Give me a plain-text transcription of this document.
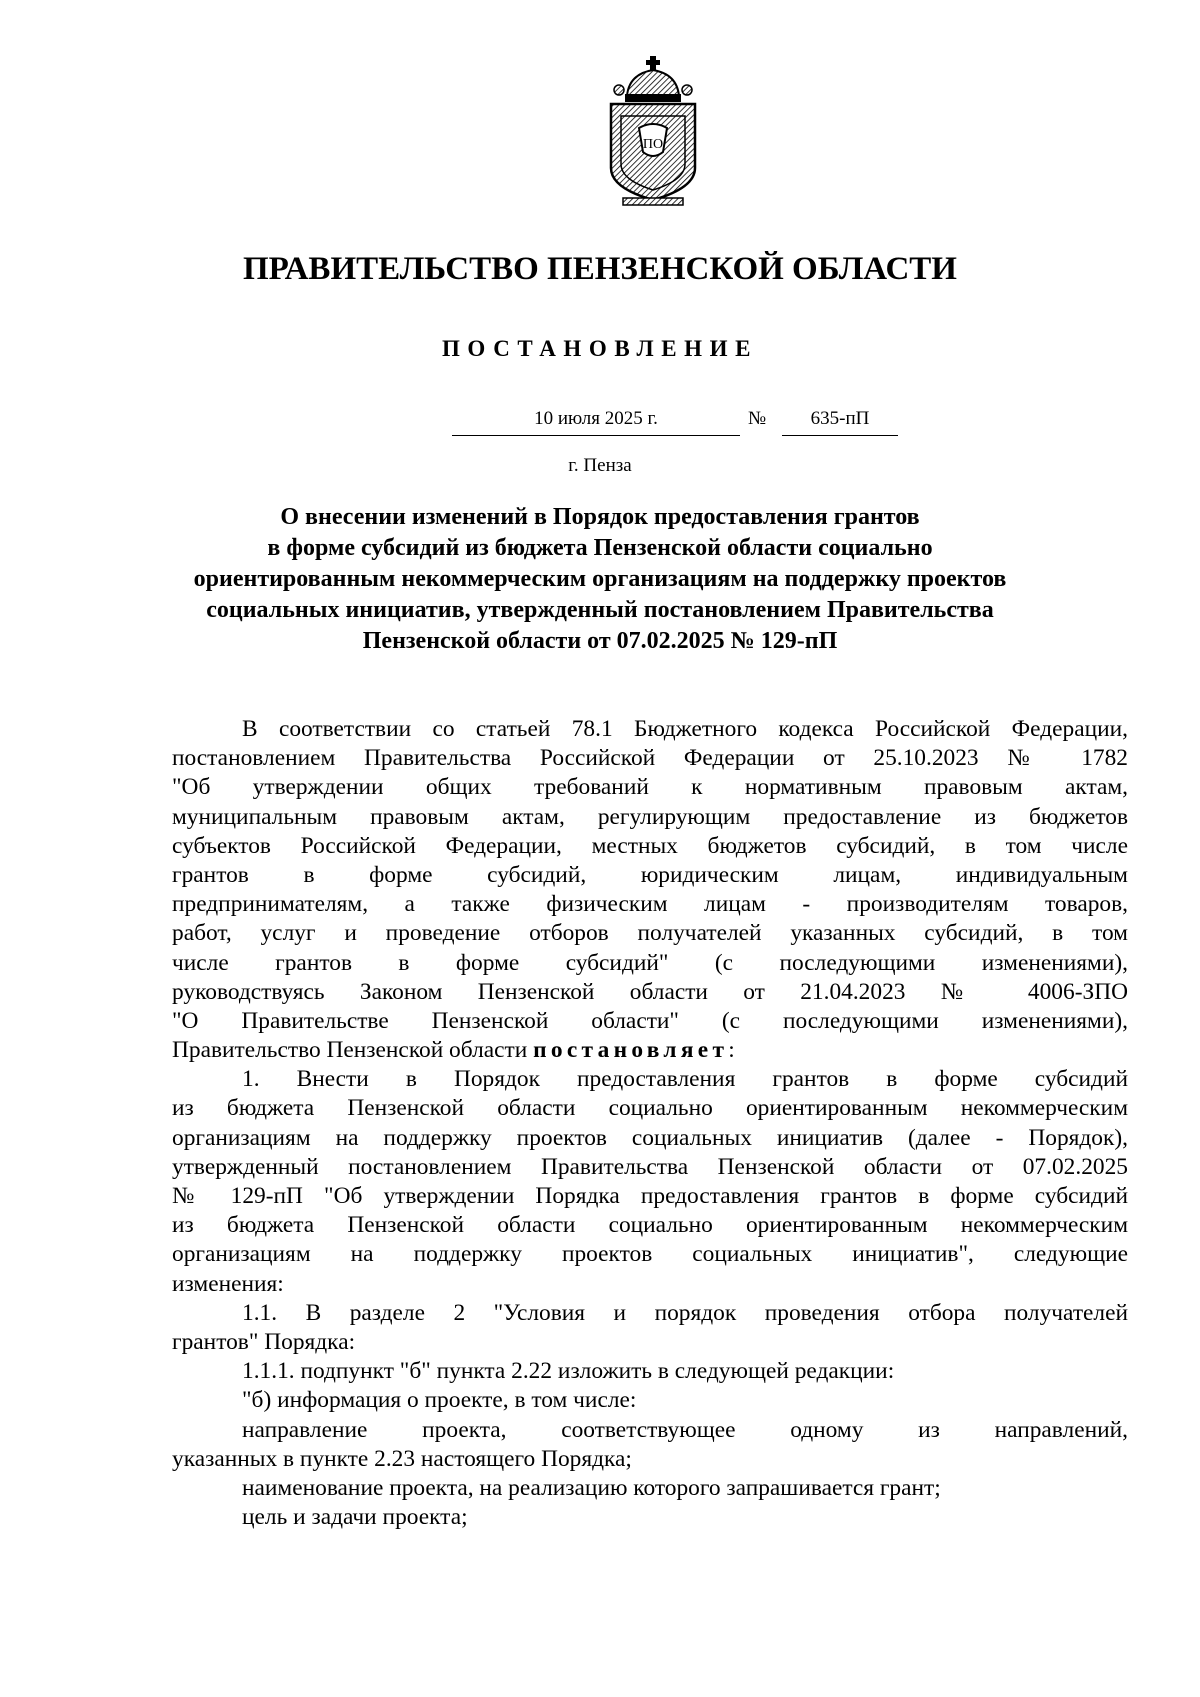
ПО
ПРАВИТЕЛЬСТВО ПЕНЗЕНСКОЙ ОБЛАСТИ
ПОСТАНОВЛЕНИЕ
10 июля 2025 г.	№	635-пП
г. Пенза
О внесении изменений в Порядок предоставления грантов
в форме субсидий из бюджета Пензенской области социально
ориентированным некоммерческим организациям на поддержку проектов
социальных инициатив, утвержденный постановлением Правительства
Пензенской области от 07.02.2025 № 129-пП
В соответствии со статьей 78.1 Бюджетного кодекса Российской Федерации,
постановлением Правительства Российской Федерации от 25.10.2023 № 1782
"Об утверждении общих требований к нормативным правовым актам,
муниципальным правовым актам, регулирующим предоставление из бюджетов
субъектов Российской Федерации, местных бюджетов субсидий, в том числе
грантов в форме субсидий, юридическим лицам, индивидуальным
предпринимателям, а также физическим лицам - производителям товаров,
работ, услуг и проведение отборов получателей указанных субсидий, в том
числе грантов в форме субсидий" (с последующими изменениями),
руководствуясь Законом Пензенской области от 21.04.2023 № 4006-ЗПО
"О Правительстве Пензенской области" (с последующими изменениями),
Правительство Пензенской области постановляет:
1. Внести в Порядок предоставления грантов в форме субсидий
из бюджета Пензенской области социально ориентированным некоммерческим
организациям на поддержку проектов социальных инициатив (далее - Порядок),
утвержденный постановлением Правительства Пензенской области от 07.02.2025
№ 129-пП "Об утверждении Порядка предоставления грантов в форме субсидий
из бюджета Пензенской области социально ориентированным некоммерческим
организациям на поддержку проектов социальных инициатив", следующие
изменения:
1.1. В разделе 2 "Условия и порядок проведения отбора получателей
грантов" Порядка:
1.1.1. подпункт "б" пункта 2.22 изложить в следующей редакции:
"б) информация о проекте, в том числе:
направление проекта, соответствующее одному из направлений,
указанных в пункте 2.23 настоящего Порядка;
наименование проекта, на реализацию которого запрашивается грант;
цель и задачи проекта;
